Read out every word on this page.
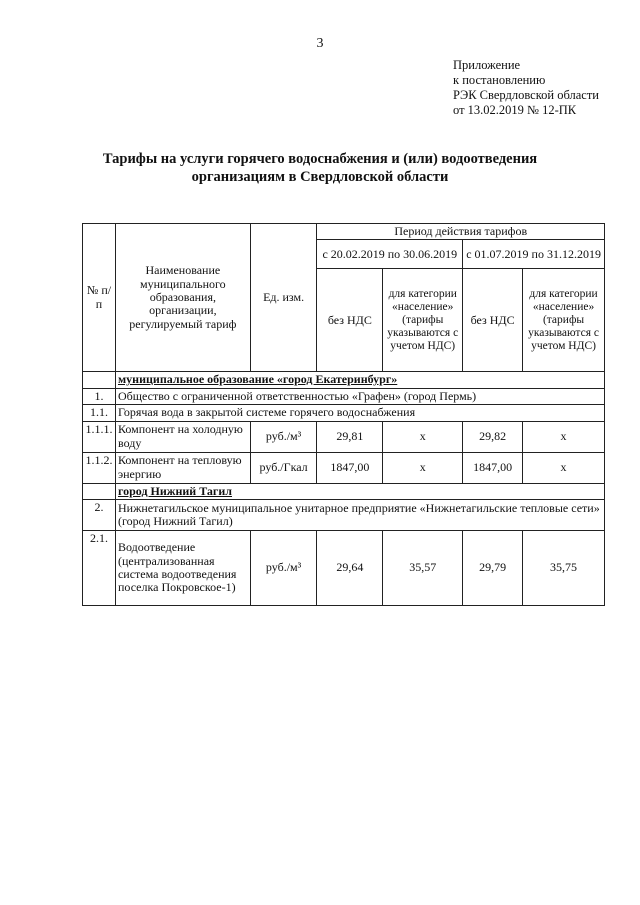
3
Приложение
к постановлению
РЭК Свердловской области
от 13.02.2019 № 12-ПК
Тарифы на услуги горячего водоснабжения и (или) водоотведения
организациям в Свердловской области
№ п/п	Наименование муниципального образования, организации, регулируемый тариф	Ед. изм.	Период действия тарифов			
			с 20.02.2019 по 30.06.2019		с 01.07.2019 по 31.12.2019	
			без НДС	для категории «население» (тарифы указываются с учетом НДС)	без НДС	для категории «население» (тарифы указываются с учетом НДС)
	муниципальное образование «город Екатеринбург»					
1.	Общество с ограниченной ответственностью «Графен» (город Пермь)					
1.1.	Горячая вода в закрытой системе горячего водоснабжения					
1.1.1.	Компонент на холодную воду	руб./м³	29,81	х	29,82	х
1.1.2.	Компонент на тепловую энергию	руб./Гкал	1847,00	х	1847,00	х
	город Нижний Тагил					
2.	Нижнетагильское муниципальное унитарное предприятие «Нижнетагильские тепловые сети» (город Нижний Тагил)					
2.1.	Водоотведение (централизованная система водоотведения поселка Покровское-1)	руб./м³	29,64	35,57	29,79	35,75
